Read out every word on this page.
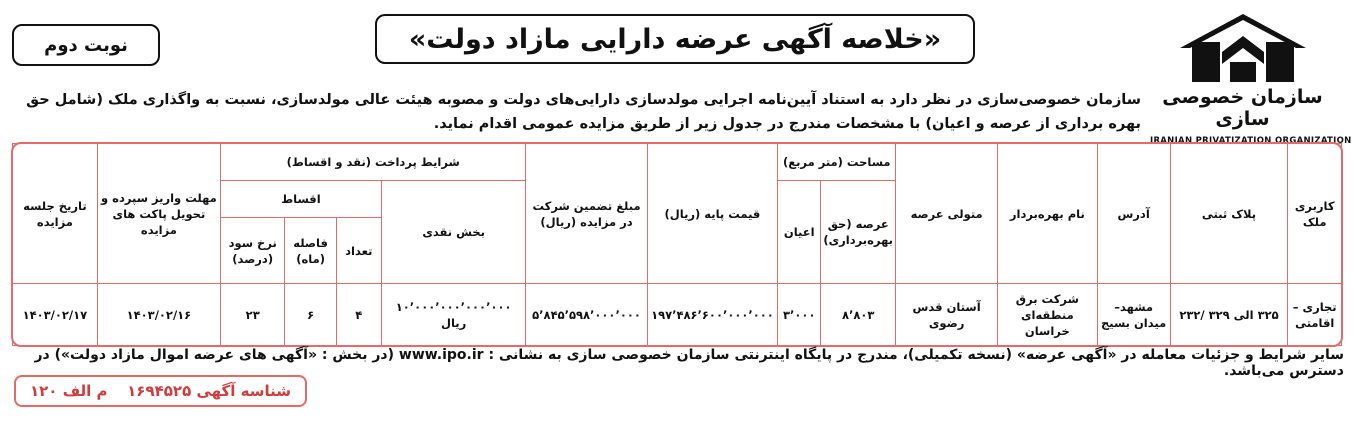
سازمان خصوصی سازی
IRANIAN PRIVATIZATION ORGANIZATION
«خلاصه آگهی عرضه دارایی مازاد دولت»
نوبت دوم
سازمان خصوصی‌سازی در نظر دارد به استناد آیین‌نامه اجرایی مولدسازی دارایی‌های دولت و مصوبه هیئت عالی مولدسازی، نسبت به واگذاری ملک (شامل حق بهره برداری از عرصه و اعیان) با مشخصات مندرج در جدول زیر از طریق مزایده عمومی اقدام نماید.
کاربری ملک	پلاک ثبتی	آدرس	نام بهره‌بردار	متولی عرصه	مساحت (متر مربع)		قیمت پایه (ریال)	مبلغ تضمین شرکت در مزایده (ریال)	شرایط پرداخت (نقد و اقساط)				مهلت واریز سپرده و تحویل پاکت های مزایده	تاریخ جلسه مزایده
					عرصه (حق بهره‌برداری)	اعیان			بخش نقدی	اقساط				
										تعداد	فاصله (ماه)	نرخ سود (درصد)		
تجاری – اقامتی	۳۲۵ الی ۳۲۹ /۲۳۲	مشهد– میدان بسیج	شرکت برق منطقه‌ای خراسان	آستان قدس رضوی	۸٬۸۰۳	۳٬۰۰۰	۱۹۷٬۴۸۶٬۶۰۰٬۰۰۰٬۰۰۰	۵٬۸۴۵٬۵۹۸٬۰۰۰٬۰۰۰	۱۰٬۰۰۰٬۰۰۰٬۰۰۰٬۰۰۰ ریال	۴	۶	۲۳	۱۴۰۳/۰۲/۱۶	۱۴۰۳/۰۲/۱۷
سایر شرایط و جزئیات معامله در «آگهی عرضه» (نسخه تکمیلی)، مندرج در پایگاه اینترنتی سازمان خصوصی سازی به نشانی : www.ipo.ir (در بخش : «آگهی های عرضه اموال مازاد دولت») در دسترس می‌باشد.
شناسه آگهی ۱۶۹۴۵۲۵
م الف ۱۲۰
